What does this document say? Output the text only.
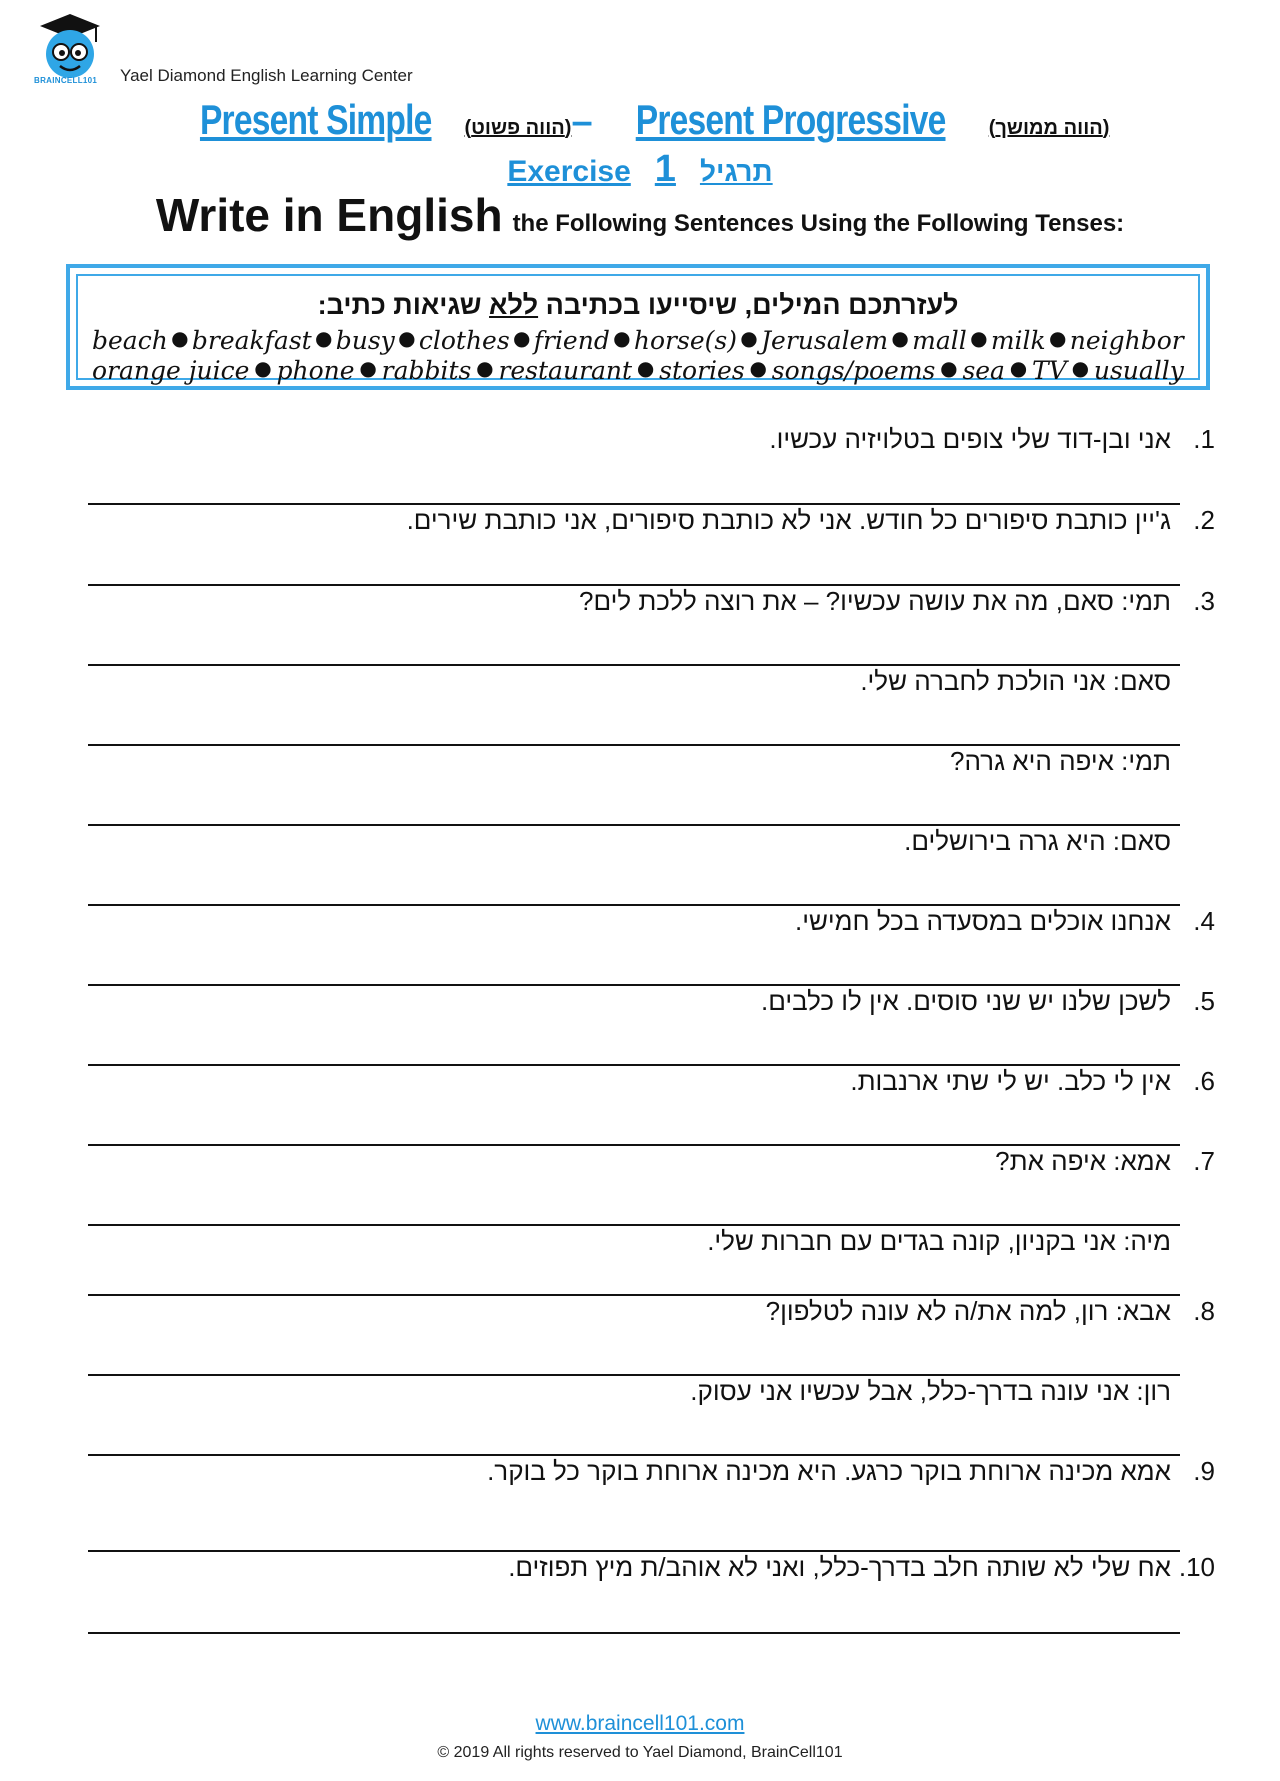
BRAINCELL101 Yael Diamond English Learning Center
Present Simple (הווה פשוט)– Present Progressive (הווה ממושך)
Exercise 1 תרגיל
Write in English the Following Sentences Using the Following Tenses:
לעזרתכם המילים, שיסייעו בכתיבה ללא שגיאות כתיב:
beach ● breakfast ● busy ● clothes ● friend ● horse(s) ● Jerusalem ● mall ● milk ● neighbor
orange juice ● phone ● rabbits ● restaurant ● stories ● songs/poems ● sea ● TV ● usually
1.אני ובן-דוד שלי צופים בטלויזיה עכשיו.
2.ג'יין כותבת סיפורים כל חודש. אני לא כותבת סיפורים, אני כותבת שירים.
3.תמי: סאם, מה את עושה עכשיו? – את רוצה ללכת לים?
סאם: אני הולכת לחברה שלי.
תמי: איפה היא גרה?
סאם: היא גרה בירושלים.
4.אנחנו אוכלים במסעדה בכל חמישי.
5.לשכן שלנו יש שני סוסים. אין לו כלבים.
6.אין לי כלב. יש לי שתי ארנבות.
7.אמא: איפה את?
מיה: אני בקניון, קונה בגדים עם חברות שלי.
8.אבא: רון, למה את/ה לא עונה לטלפון?
רון: אני עונה בדרך-כלל, אבל עכשיו אני עסוק.
9.אמא מכינה ארוחת בוקר כרגע. היא מכינה ארוחת בוקר כל בוקר.
10.אח שלי לא שותה חלב בדרך-כלל, ואני לא אוהב/ת מיץ תפוזים.
www.braincell101.com
© 2019 All rights reserved to Yael Diamond, BrainCell101
